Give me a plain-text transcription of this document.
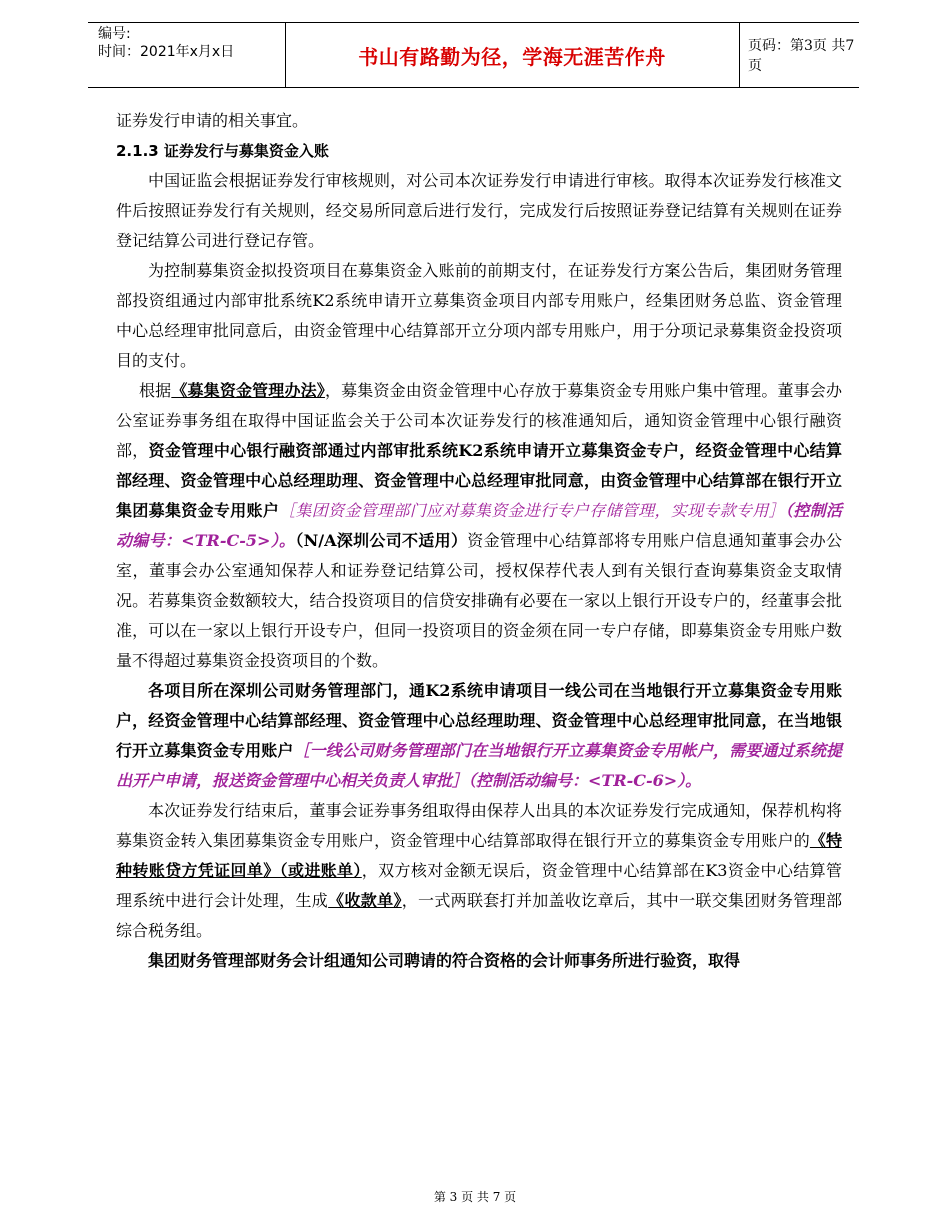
编号:
时间：2021年x月x日	书山有路勤为径，学海无涯苦作舟	页码：第3页 共7页

证券发行申请的相关事宜。

2.1.3 证券发行与募集资金入账

中国证监会根据证券发行审核规则，对公司本次证券发行申请进行审核。取得本次证券发行核准文件后按照证券发行有关规则，经交易所同意后进行发行，完成发行后按照证券登记结算有关规则在证券登记结算公司进行登记存管。

为控制募集资金拟投资项目在募集资金入账前的前期支付，在证券发行方案公告后，集团财务管理部投资组通过内部审批系统K2系统申请开立募集资金项目内部专用账户，经集团财务总监、资金管理中心总经理审批同意后，由资金管理中心结算部开立分项内部专用账户，用于分项记录募集资金投资项目的支付。

根据《募集资金管理办法》，募集资金由资金管理中心存放于募集资金专用账户集中管理。董事会办公室证券事务组在取得中国证监会关于公司本次证券发行的核准通知后，通知资金管理中心银行融资部，资金管理中心银行融资部通过内部审批系统K2系统申请开立募集资金专户，经资金管理中心结算部经理、资金管理中心总经理助理、资金管理中心总经理审批同意，由资金管理中心结算部在银行开立集团募集资金专用账户［集团资金管理部门应对募集资金进行专户存储管理，实现专款专用］（控制活动编号：<TR-C-5>）。（N/A深圳公司不适用）资金管理中心结算部将专用账户信息通知董事会办公室，董事会办公室通知保荐人和证券登记结算公司，授权保荐代表人到有关银行查询募集资金支取情况。若募集资金数额较大，结合投资项目的信贷安排确有必要在一家以上银行开设专户的，经董事会批准，可以在一家以上银行开设专户，但同一投资项目的资金须在同一专户存储，即募集资金专用账户数量不得超过募集资金投资项目的个数。

各项目所在深圳公司财务管理部门，通K2系统申请项目一线公司在当地银行开立募集资金专用账户，经资金管理中心结算部经理、资金管理中心总经理助理、资金管理中心总经理审批同意，在当地银行开立募集资金专用账户［一线公司财务管理部门在当地银行开立募集资金专用帐户，需要通过系统提出开户申请，报送资金管理中心相关负责人审批］（控制活动编号：<TR-C-6>）。

本次证券发行结束后，董事会证券事务组取得由保荐人出具的本次证券发行完成通知，保荐机构将募集资金转入集团募集资金专用账户，资金管理中心结算部取得在银行开立的募集资金专用账户的《特种转账贷方凭证回单》（或进账单），双方核对金额无误后，资金管理中心结算部在K3资金中心结算管理系统中进行会计处理，生成《收款单》，一式两联套打并加盖收讫章后，其中一联交集团财务管理部综合税务组。

集团财务管理部财务会计组通知公司聘请的符合资格的会计师事务所进行验资，取得

第 3 页 共 7 页
